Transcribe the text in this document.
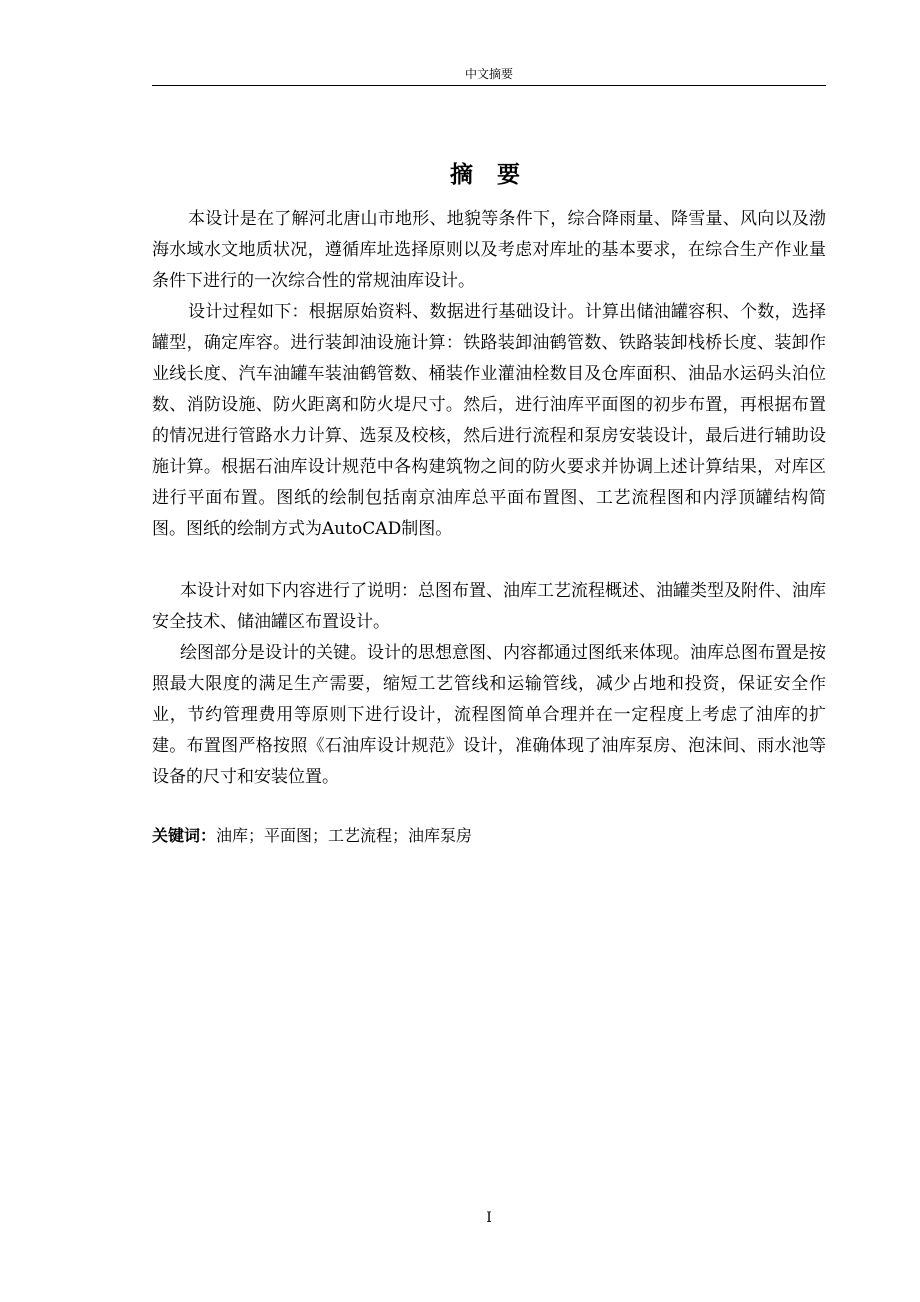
中文摘要
摘 要

本设计是在了解河北唐山市地形、地貌等条件下，综合降雨量、降雪量、风向以及渤海水域水文地质状况，遵循库址选择原则以及考虑对库址的基本要求，在综合生产作业量条件下进行的一次综合性的常规油库设计。

设计过程如下：根据原始资料、数据进行基础设计。计算出储油罐容积、个数，选择罐型，确定库容。进行装卸油设施计算：铁路装卸油鹤管数、铁路装卸栈桥长度、装卸作业线长度、汽车油罐车装油鹤管数、桶装作业灌油栓数目及仓库面积、油品水运码头泊位数、消防设施、防火距离和防火堤尺寸。然后，进行油库平面图的初步布置，再根据布置的情况进行管路水力计算、选泵及校核，然后进行流程和泵房安装设计，最后进行辅助设施计算。根据石油库设计规范中各构建筑物之间的防火要求并协调上述计算结果，对库区进行平面布置。图纸的绘制包括南京油库总平面布置图、工艺流程图和内浮顶罐结构简图。图纸的绘制方式为AutoCAD制图。

本设计对如下内容进行了说明：总图布置、油库工艺流程概述、油罐类型及附件、油库安全技术、储油罐区布置设计。

绘图部分是设计的关键。设计的思想意图、内容都通过图纸来体现。油库总图布置是按照最大限度的满足生产需要，缩短工艺管线和运输管线，减少占地和投资，保证安全作业，节约管理费用等原则下进行设计，流程图简单合理并在一定程度上考虑了油库的扩建。布置图严格按照《石油库设计规范》设计，准确体现了油库泵房、泡沫间、雨水池等设备的尺寸和安装位置。

关键词：油库；平面图；工艺流程；油库泵房
I
